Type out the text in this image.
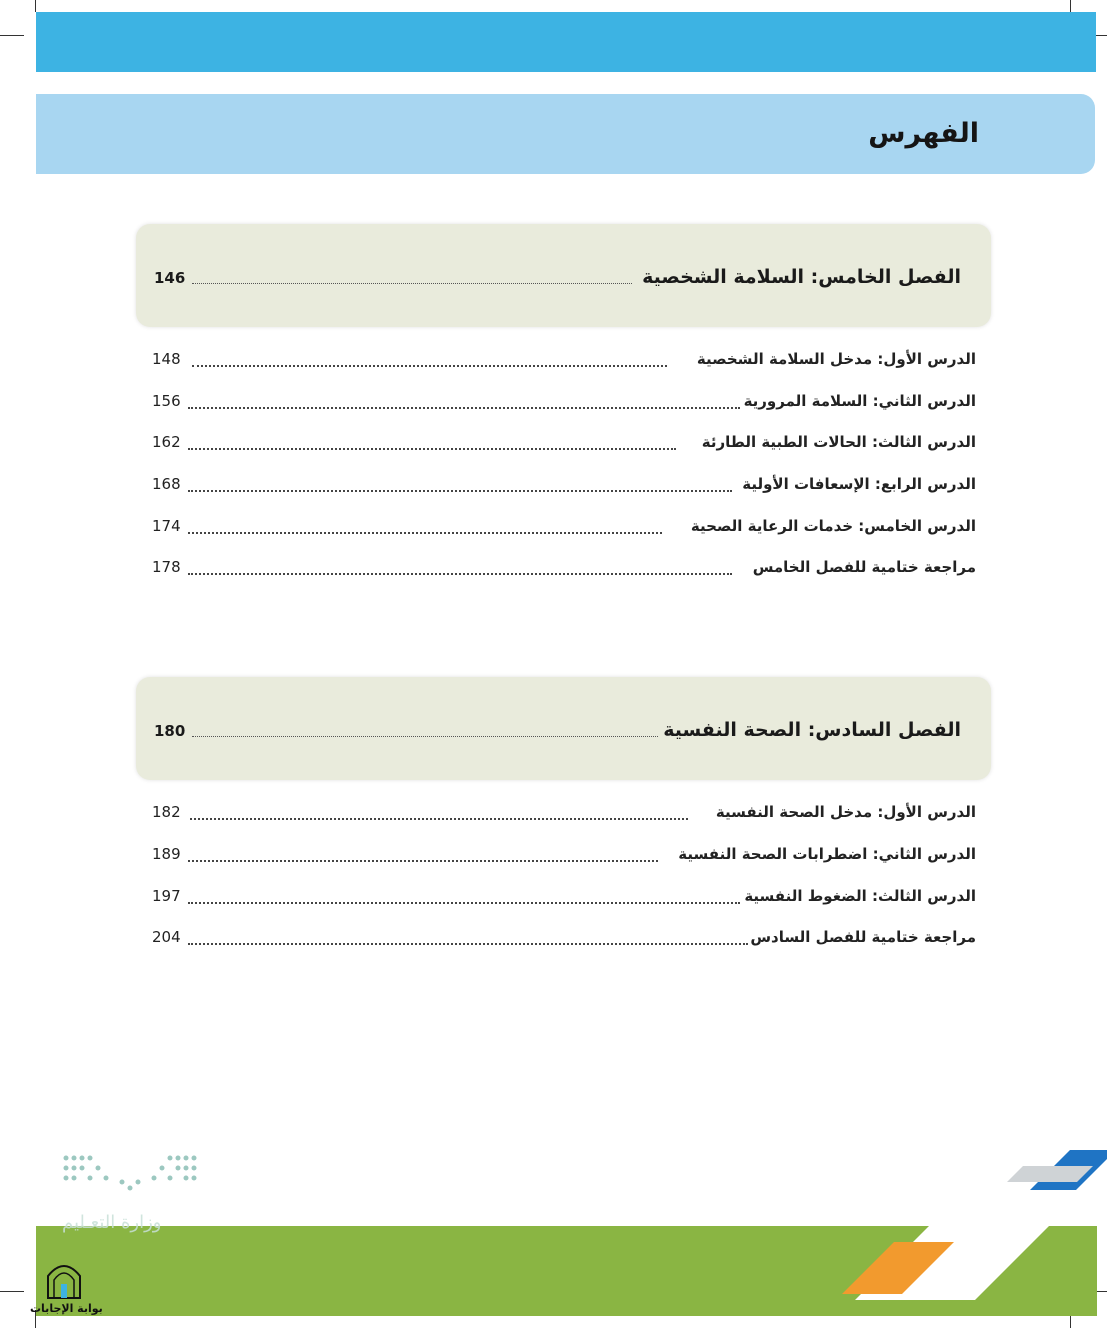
الفهرس
الفصل الخامس: السلامة الشخصية
146
الدرس الأول: مدخل السلامة الشخصية
148
الدرس الثاني: السلامة المرورية
156
الدرس الثالث: الحالات الطبية الطارئة
162
الدرس الرابع: الإسعافات الأولية
168
الدرس الخامس: خدمات الرعاية الصحية
174
مراجعة ختامية للفصل الخامس
178
الفصل السادس: الصحة النفسية
180
الدرس الأول: مدخل الصحة النفسية
182
الدرس الثاني: اضطرابات الصحة النفسية
189
الدرس الثالث: الضغوط النفسية
197
مراجعة ختامية للفصل السادس
204
وزارة التعـليم
بوابة الإجابات
